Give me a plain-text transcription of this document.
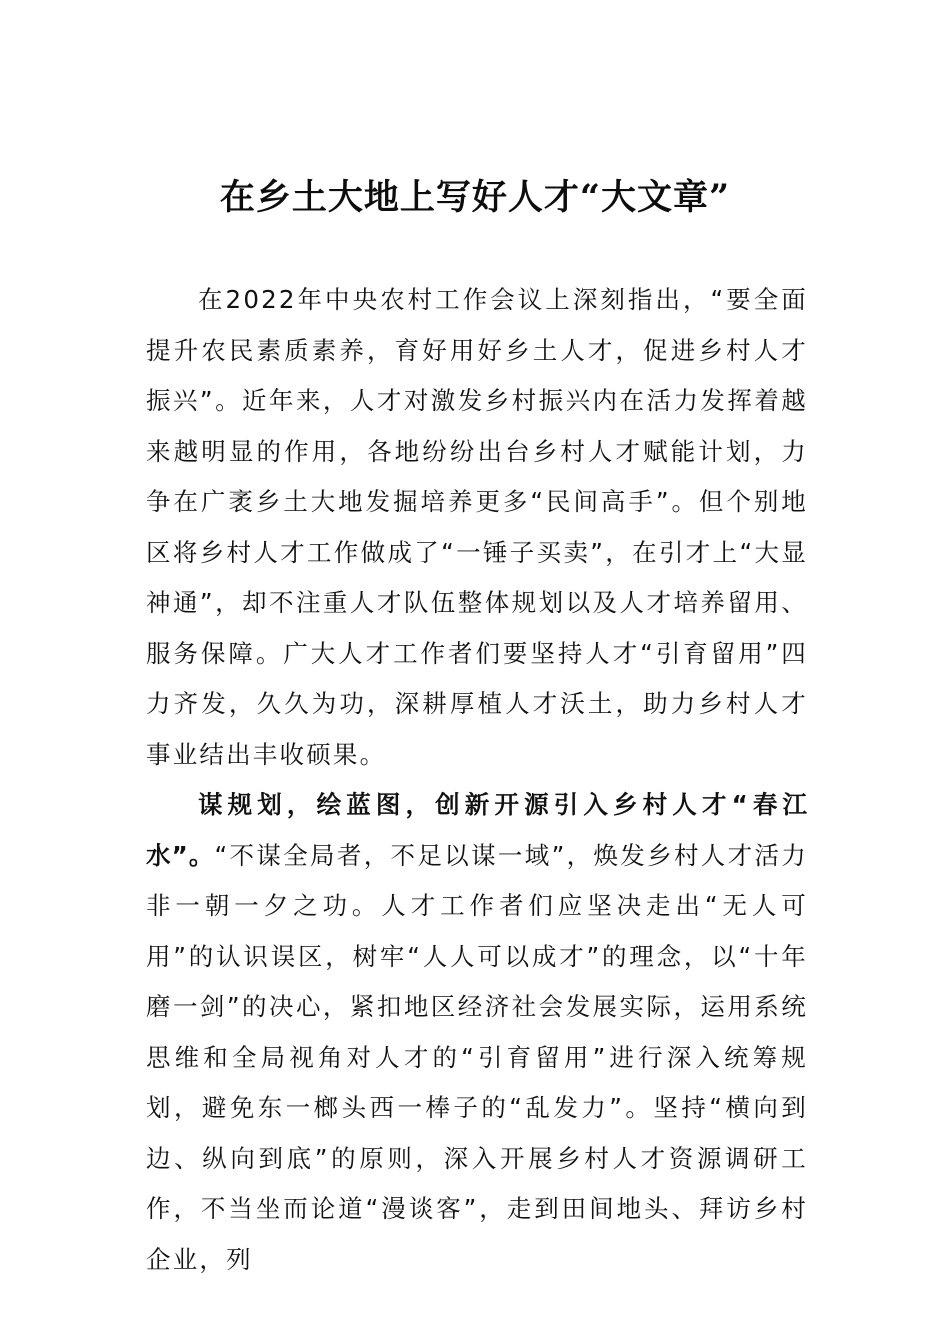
在乡土大地上写好人才“大文章”

在2022年中央农村工作会议上深刻指出，“要全面提升农民素质素养，育好用好乡土人才，促进乡村人才振兴”。近年来，人才对激发乡村振兴内在活力发挥着越来越明显的作用，各地纷纷出台乡村人才赋能计划，力争在广袤乡土大地发掘培养更多“民间高手”。但个别地区将乡村人才工作做成了“一锤子买卖”，在引才上“大显神通”，却不注重人才队伍整体规划以及人才培养留用、服务保障。广大人才工作者们要坚持人才“引育留用”四力齐发，久久为功，深耕厚植人才沃土，助力乡村人才事业结出丰收硕果。

谋规划，绘蓝图，创新开源引入乡村人才“春江水”。“不谋全局者，不足以谋一域”，焕发乡村人才活力非一朝一夕之功。人才工作者们应坚决走出“无人可用”的认识误区，树牢“人人可以成才”的理念，以“十年磨一剑”的决心，紧扣地区经济社会发展实际，运用系统思维和全局视角对人才的“引育留用”进行深入统筹规划，避免东一榔头西一棒子的“乱发力”。坚持“横向到边、纵向到底”的原则，深入开展乡村人才资源调研工作，不当坐而论道“漫谈客”，走到田间地头、拜访乡村企业，列
